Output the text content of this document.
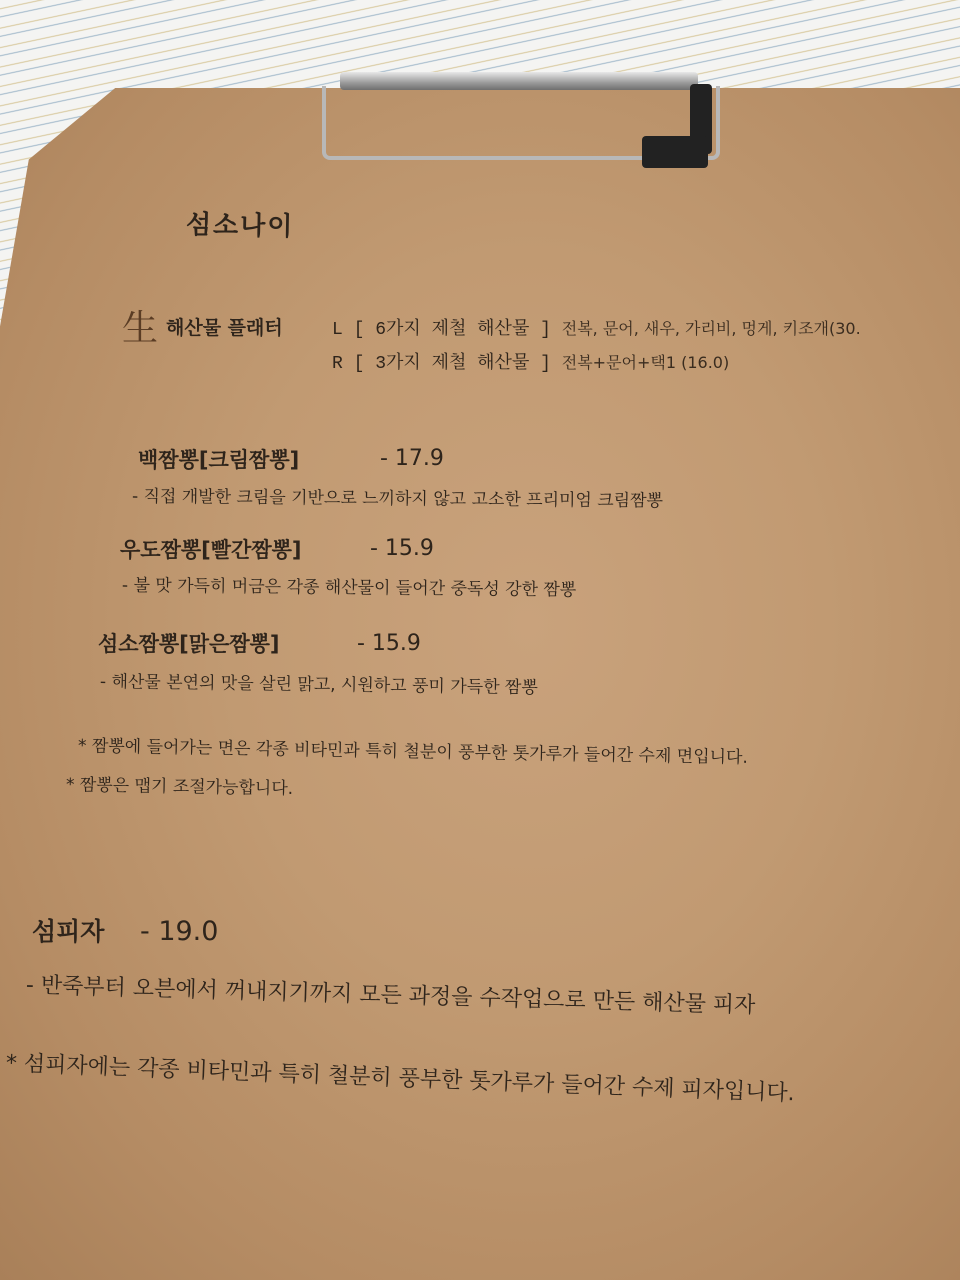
섬소나이
生 해산물 플래터	L [ 6가지 제철 해산물 ] 전복, 문어, 새우, 가리비, 멍게, 키조개(30.
R [ 3가지 제철 해산물 ] 전복+문어+택1 (16.0)
백짬뽕[크림짬뽕]	- 17.9
- 직접 개발한 크림을 기반으로 느끼하지 않고 고소한 프리미엄 크림짬뽕
우도짬뽕[빨간짬뽕]	- 15.9
- 불 맛 가득히 머금은 각종 해산물이 들어간 중독성 강한 짬뽕
섬소짬뽕[맑은짬뽕]	- 15.9
- 해산물 본연의 맛을 살린 맑고, 시원하고 풍미 가득한 짬뽕
* 짬뽕에 들어가는 면은 각종 비타민과 특히 철분이 풍부한 톳가루가 들어간 수제 면입니다.
* 짬뽕은 맵기 조절가능합니다.
섬피자 - 19.0
- 반죽부터 오븐에서 꺼내지기까지 모든 과정을 수작업으로 만든 해산물 피자
* 섬피자에는 각종 비타민과 특히 철분히 풍부한 톳가루가 들어간 수제 피자입니다.
